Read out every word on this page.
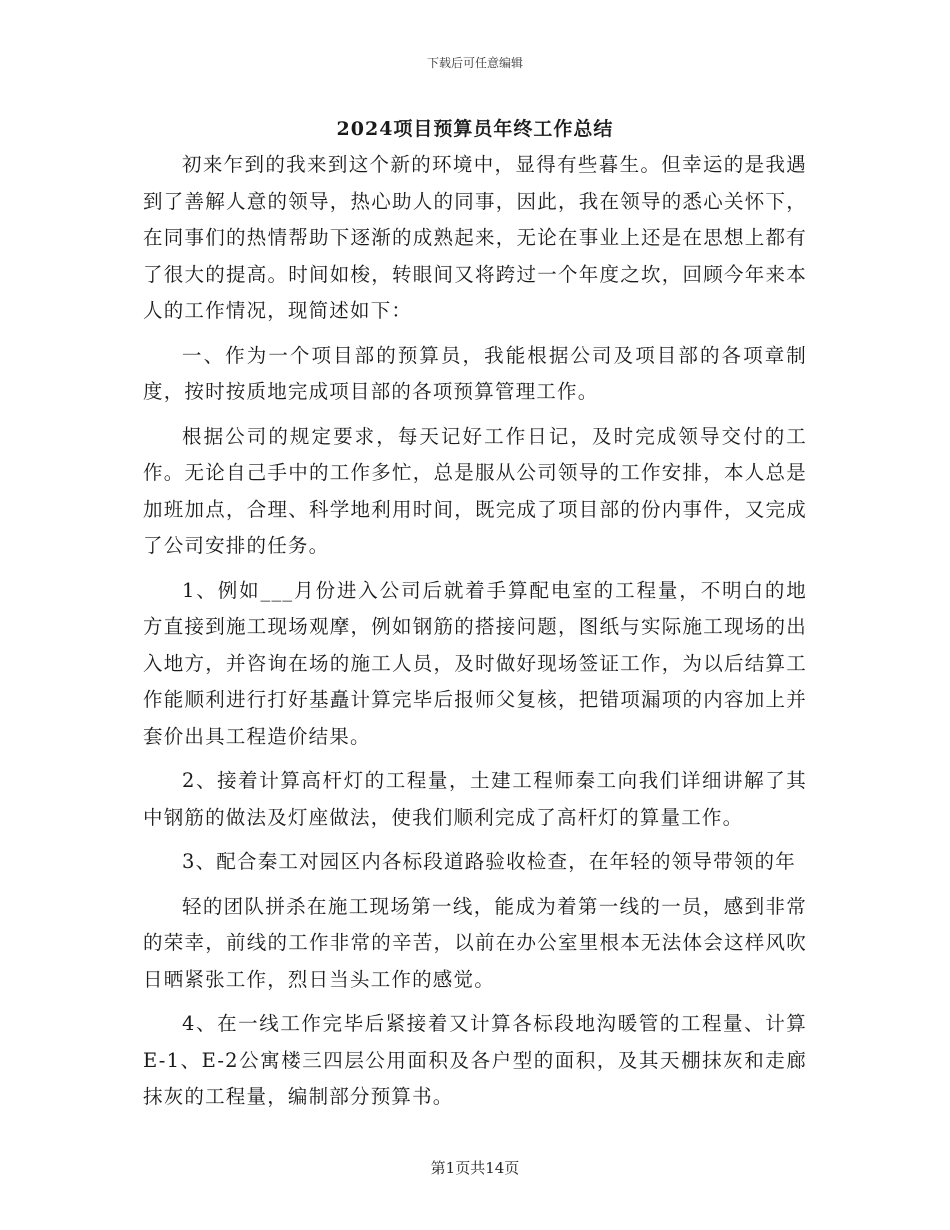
下载后可任意编辑
2024项目预算员年终工作总结

初来乍到的我来到这个新的环境中，显得有些暮生。但幸运的是我遇到了善解人意的领导，热心助人的同事，因此，我在领导的悉心关怀下，在同事们的热情帮助下逐渐的成熟起来，无论在事业上还是在思想上都有了很大的提高。时间如梭，转眼间又将跨过一个年度之坎，回顾今年来本人的工作情况，现简述如下：

一、作为一个项目部的预算员，我能根据公司及项目部的各项章制度，按时按质地完成项目部的各项预算管理工作。

根据公司的规定要求，每天记好工作日记，及时完成领导交付的工作。无论自己手中的工作多忙，总是服从公司领导的工作安排，本人总是加班加点，合理、科学地利用时间，既完成了项目部的份内事件，又完成了公司安排的任务。

1、例如___月份进入公司后就着手算配电室的工程量，不明白的地方直接到施工现场观摩，例如钢筋的搭接问题，图纸与实际施工现场的出入地方，并咨询在场的施工人员，及时做好现场签证工作，为以后结算工作能顺利进行打好基矗计算完毕后报师父复核，把错项漏项的内容加上并套价出具工程造价结果。

2、接着计算高杆灯的工程量，土建工程师秦工向我们详细讲解了其中钢筋的做法及灯座做法，使我们顺利完成了高杆灯的算量工作。

3、配合秦工对园区内各标段道路验收检查，在年轻的领导带领的年

轻的团队拼杀在施工现场第一线，能成为着第一线的一员，感到非常的荣幸，前线的工作非常的辛苦，以前在办公室里根本无法体会这样风吹日晒紧张工作，烈日当头工作的感觉。

4、在一线工作完毕后紧接着又计算各标段地沟暖管的工程量、计算E-1、E-2公寓楼三四层公用面积及各户型的面积，及其天棚抹灰和走廊抹灰的工程量，编制部分预算书。

第1页共14页
